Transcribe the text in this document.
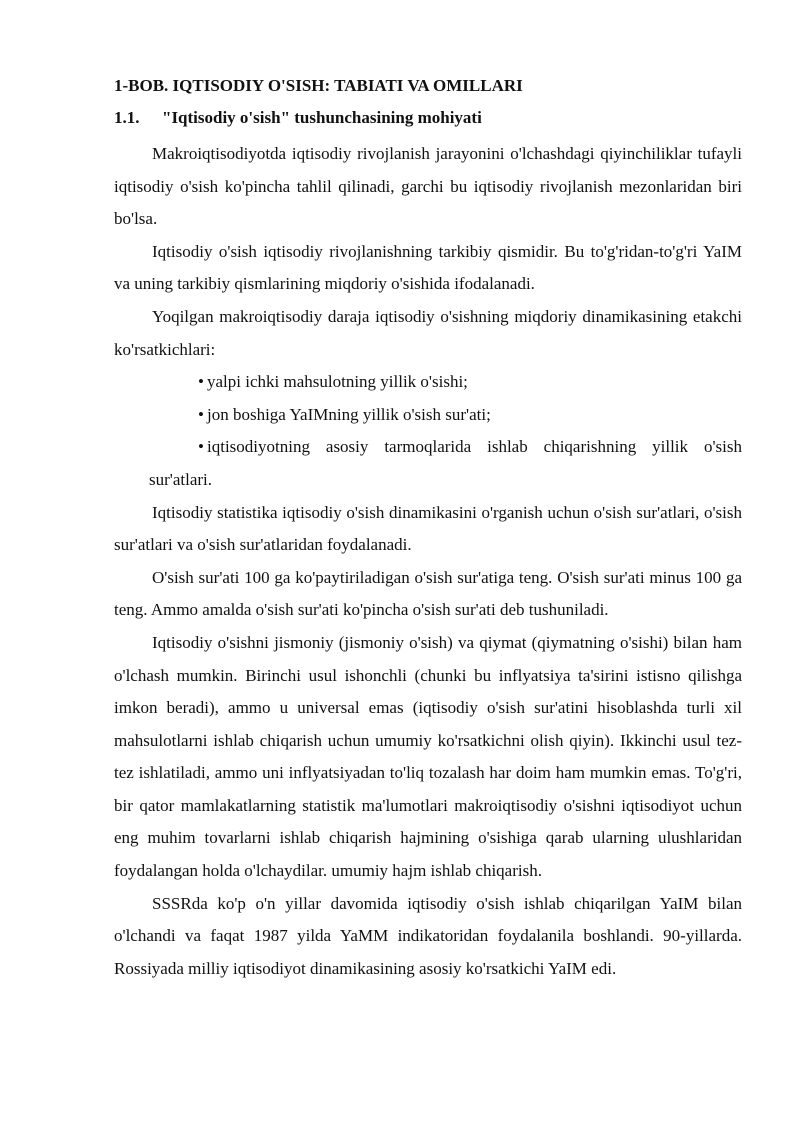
1-BOB. IQTISODIY O'SISH: TABIATI VA OMILLARI
1.1.	"Iqtisodiy o'sish" tushunchasining mohiyati

Makroiqtisodiyotda iqtisodiy rivojlanish jarayonini o'lchashdagi qiyinchiliklar tufayli iqtisodiy o'sish ko'pincha tahlil qilinadi, garchi bu iqtisodiy rivojlanish mezonlaridan biri bo'lsa.

Iqtisodiy o'sish iqtisodiy rivojlanishning tarkibiy qismidir. Bu to'g'ridan-to'g'ri YaIM va uning tarkibiy qismlarining miqdoriy o'sishida ifodalanadi.

Yoqilgan makroiqtisodiy daraja iqtisodiy o'sishning miqdoriy dinamikasining etakchi ko'rsatkichlari:

• yalpi ichki mahsulotning yillik o'sishi;
• jon boshiga YaIMning yillik o'sish sur'ati;
• iqtisodiyotning asosiy tarmoqlarida ishlab chiqarishning yillik o'sish
sur'atlari.

Iqtisodiy statistika iqtisodiy o'sish dinamikasini o'rganish uchun o'sish sur'atlari, o'sish sur'atlari va o'sish sur'atlaridan foydalanadi.

O'sish sur'ati 100 ga ko'paytiriladigan o'sish sur'atiga teng. O'sish sur'ati minus 100 ga teng. Ammo amalda o'sish sur'ati ko'pincha o'sish sur'ati deb tushuniladi.

Iqtisodiy o'sishni jismoniy (jismoniy o'sish) va qiymat (qiymatning o'sishi) bilan ham o'lchash mumkin. Birinchi usul ishonchli (chunki bu inflyatsiya ta'sirini istisno qilishga imkon beradi), ammo u universal emas (iqtisodiy o'sish sur'atini hisoblashda turli xil mahsulotlarni ishlab chiqarish uchun umumiy ko'rsatkichni olish qiyin). Ikkinchi usul tez-tez ishlatiladi, ammo uni inflyatsiyadan to'liq tozalash har doim ham mumkin emas. To'g'ri, bir qator mamlakatlarning statistik ma'lumotlari makroiqtisodiy o'sishni iqtisodiyot uchun eng muhim tovarlarni ishlab chiqarish hajmining o'sishiga qarab ularning ulushlaridan foydalangan holda o'lchaydilar. umumiy hajm ishlab chiqarish.

SSSRda ko'p o'n yillar davomida iqtisodiy o'sish ishlab chiqarilgan YaIM bilan o'lchandi va faqat 1987 yilda YaMM indikatoridan foydalanila boshlandi. 90-yillarda. Rossiyada milliy iqtisodiyot dinamikasining asosiy ko'rsatkichi YaIM edi.
